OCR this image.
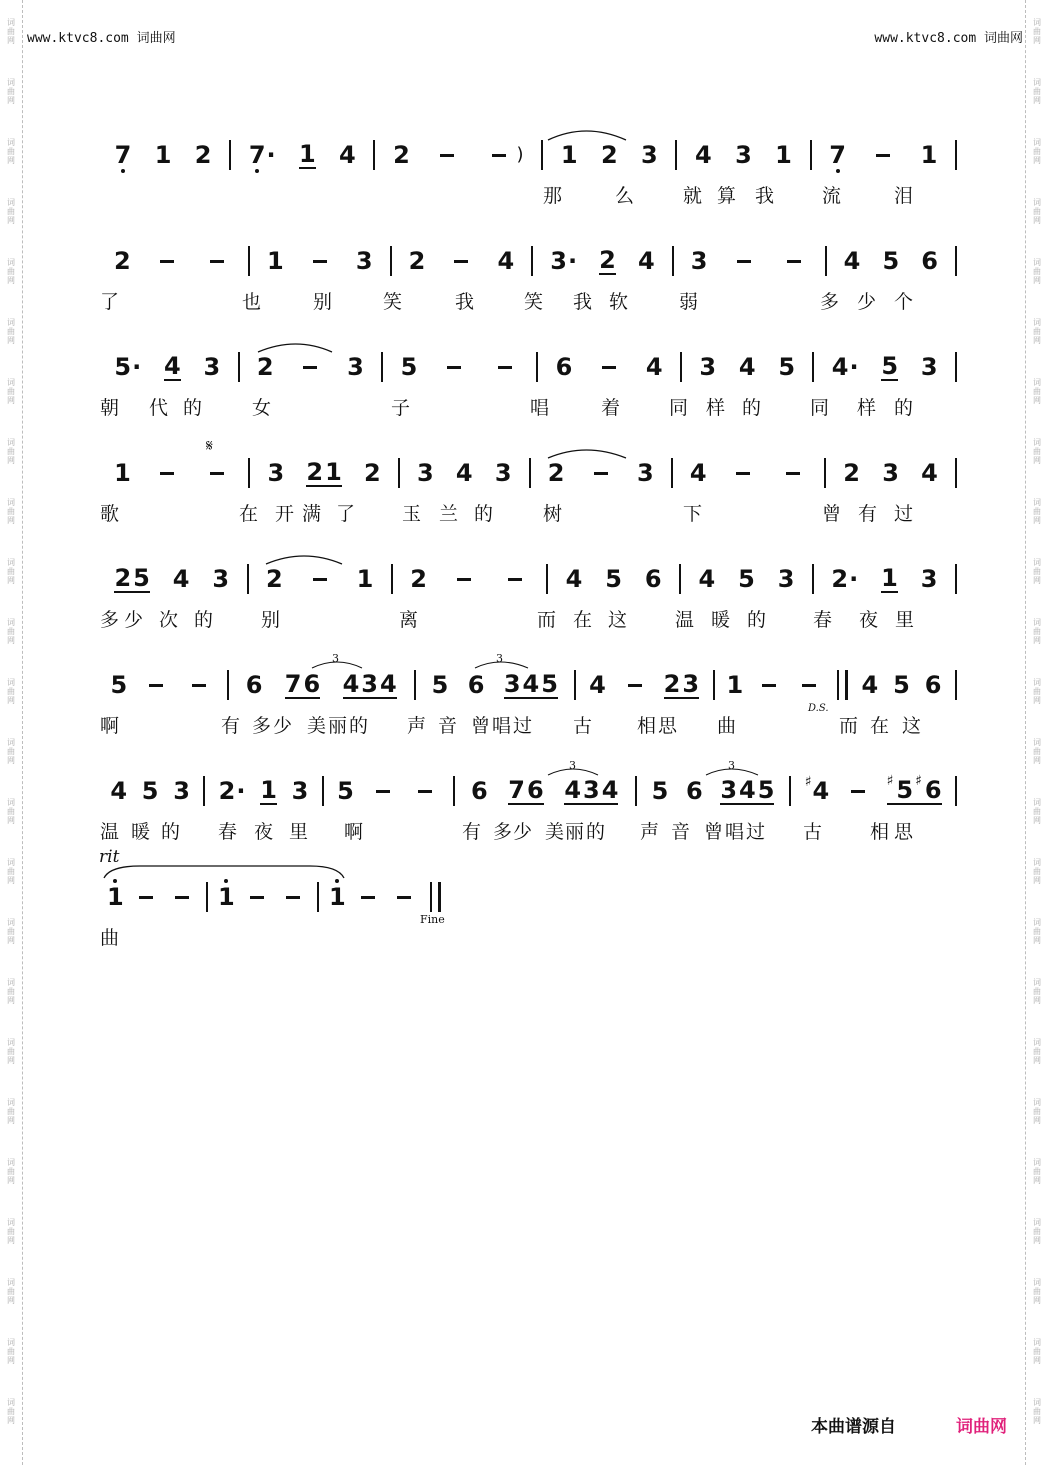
词
曲
网
词
曲
网
词
曲
网
词
曲
网
词
曲
网
词
曲
网
词
曲
网
词
曲
网
词
曲
网
词
曲
网
词
曲
网
词
曲
网
词
曲
网
词
曲
网
词
曲
网
词
曲
网
词
曲
网
词
曲
网
词
曲
网
词
曲
网
词
曲
网
词
曲
网
词
曲
网
词
曲
网
词
曲
网
词
曲
网
词
曲
网
词
曲
网
词
曲
网
词
曲
网
词
曲
网
词
曲
网
词
曲
网
词
曲
网
词
曲
网
词
曲
网
词
曲
网
词
曲
网
词
曲
网
词
曲
网
词
曲
网
词
曲
网
词
曲
网
词
曲
网
词
曲
网
词
曲
网
词
曲
网
词
曲
网
www.ktvc8.com 词曲网	www.ktvc8.com 词曲网
7 1 2 7 · 1 4 2	) 1 2 3 4 3 1 7	1
那	么	就 算 我	流	泪
2	1	3 2	4 3 · 2 4 3	4 5 6
了	也	别	笑	我	笑 我 软	弱	多 少 个
5 · 4 3 2	3 5	6	4 3 4 5 4 · 5 3
朝 代 的	女	子	唱	着	同 样 的	同 样 的
1	3 2 1 2 3 4 3 2	3 4	2 3 4
歌	在 开 满 了 玉 兰 的	树	下	曾 有 过
2 5 4 3 2	1 2	4 5 6 4 5 3 2 · 1 3
多 少 次 的	别	离	而 在 这	温 暖 的 春 夜 里
5	6 7 6 4 3 4 5 6 3 4 5 4 2 3 1	4 5 6
啊	有 多 少 美 丽 的 声 音 曾 唱 过 古 相 思 曲	而 在 这
4 5 3 2 · 1 3 5	6 7 6 4 3 4 5 6 3 4 5 ♯ 4	♯ 5 ♯ 6
温 暖 的 春 夜 里 啊	有 多 少 美 丽 的 声 音 曾 唱 过 古	相 思
1	1	1
曲
3	3
3	3
𝄋
D.S.
Fine
rit
本曲谱源自	词曲网
